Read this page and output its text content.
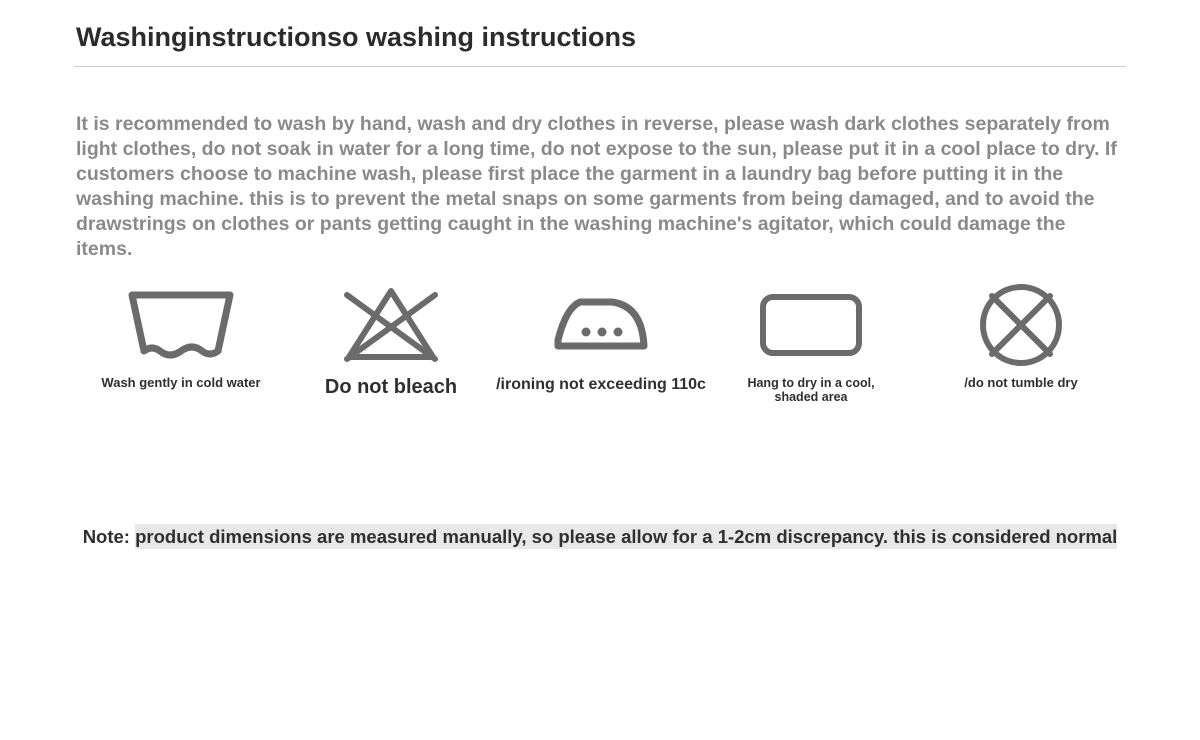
Washinginstructionso washing instructions
It is recommended to wash by hand, wash and dry clothes in reverse, please wash dark clothes separately from light clothes, do not soak in water for a long time, do not expose to the sun, please put it in a cool place to dry. If customers choose to machine wash, please first place the garment in a laundry bag before putting it in the washing machine. this is to prevent the metal snaps on some garments from being damaged, and to avoid the drawstrings on clothes or pants getting caught in the washing machine's agitator, which could damage the items.
Wash gently in cold water	Do not bleach /ironing not exceeding 110c	Hang to dry in a cool, shaded area
/do not tumble dry
Note: product dimensions are measured manually, so please allow for a 1-2cm discrepancy. this is considered normal
